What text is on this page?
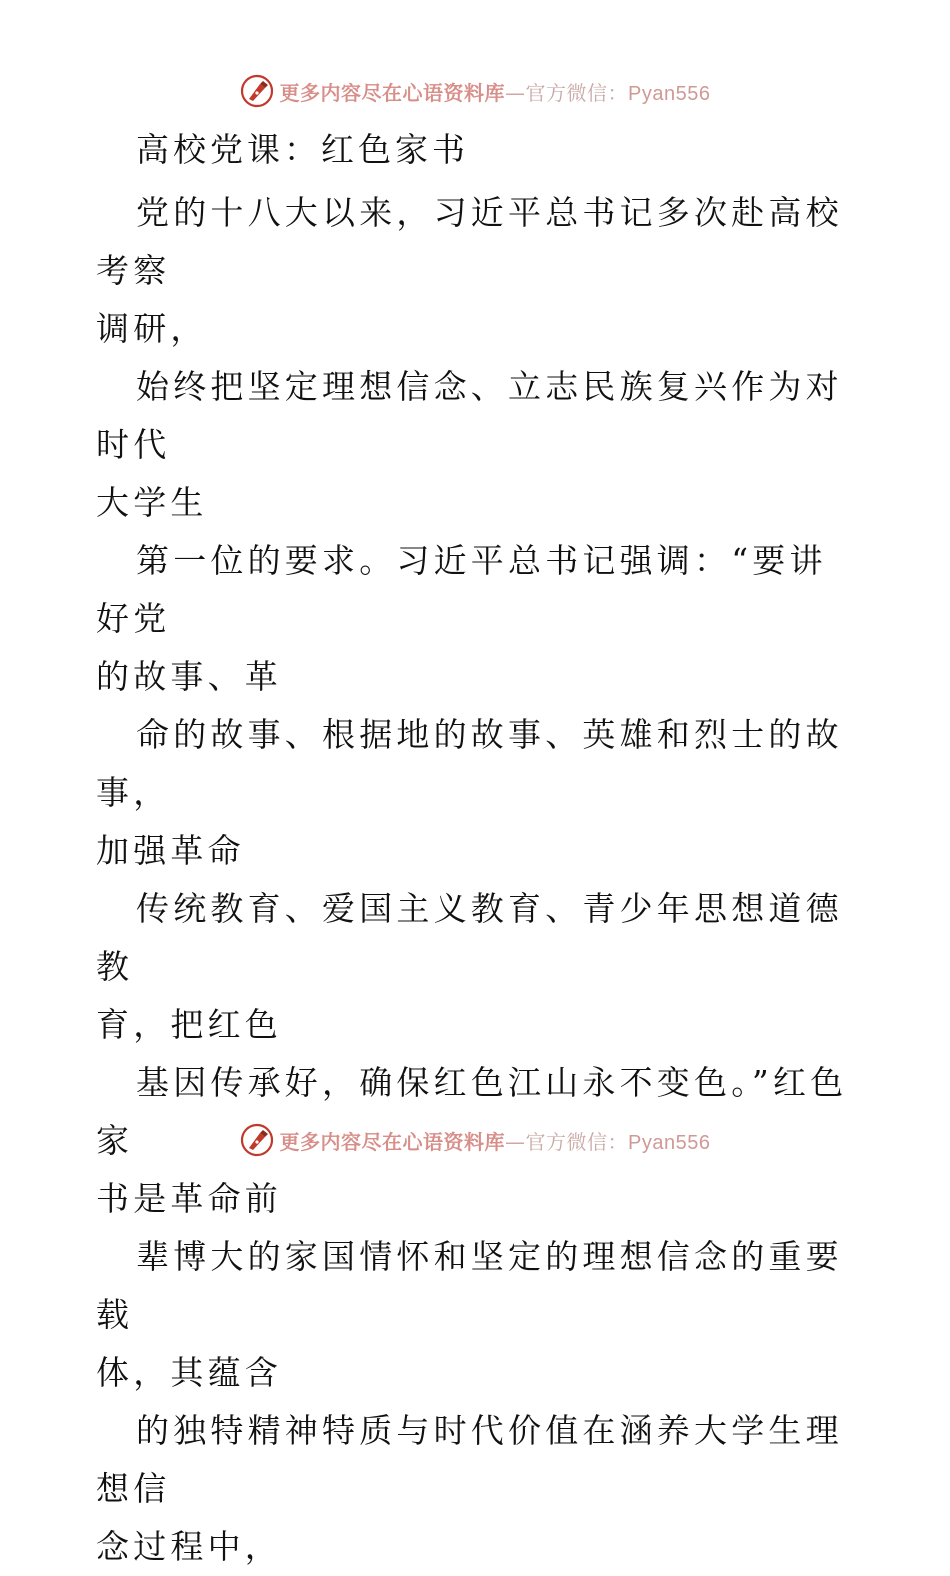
更多内容尽在心语资料库—官方微信：Pyan556

高校党课：红色家书

党的十八大以来，习近平总书记多次赴高校考察
调研，

始终把坚定理想信念、立志民族复兴作为对时代
大学生

第一位的要求。习近平总书记强调：“要讲好党
的故事、革

命的故事、根据地的故事、英雄和烈士的故事，
加强革命

传统教育、爱国主义教育、青少年思想道德教
育，把红色

基因传承好，确保红色江山永不变色。”红色家
书是革命前

辈博大的家国情怀和坚定的理想信念的重要载
体，其蕴含

的独特精神特质与时代价值在涵养大学生理想信
念过程中，

更多内容尽在心语资料库—官方微信：Pyan556
